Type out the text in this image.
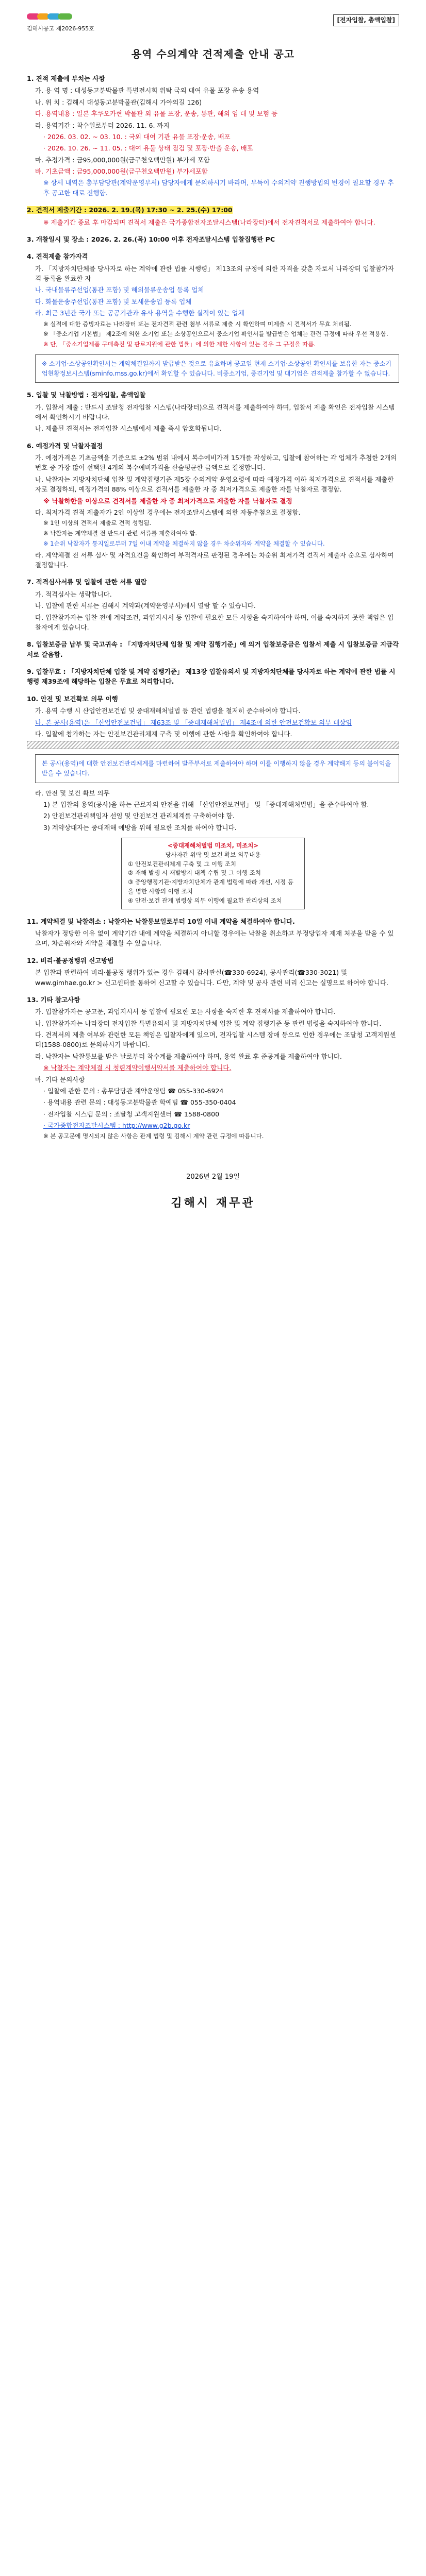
김해시공고 제2026-955호
[전자입찰, 총액입찰]
용역 수의계약 견적제출 안내 공고
1. 견적 제출에 부치는 사항
가. 용 역 명 : 대성동고분박물관 특별전시회 위탁 국외 대여 유물 포장 운송 용역
나. 위 치 : 김해시 대성동고분박물관(김해시 가야의길 126)
다. 용역내용 : 일본 후쿠오카현 박물관 외 유물 포장, 운송, 통관, 해외 임 대 및 보험 등
라. 용역기간 : 착수일로부터 2026. 11. 6. 까지
· 2026. 03. 02. ~ 03. 10. : 국외 대여 기관 유물 포장·운송, 배포
· 2026. 10. 26. ~ 11. 05. : 대여 유물 상태 점검 및 포장·반출 운송, 배포
마. 추정가격 : 금95,000,000원(금구천오백만원) 부가세 포함
바. 기초금액 : 금95,000,000원(금구천오백만원) 부가세포함
※ 상세 내역은 총무담당관(계약운영부서) 담당자에게 문의하시기 바라며, 부득이 수의계약 진행방법의 변경이 필요할 경우 추후 공고한 대로 진행함.
2. 견적서 제출기간 : 2026. 2. 19.(목) 17:30 ~ 2. 25.(수) 17:00
※ 제출기간 종료 후 마감되며 견적서 제출은 국가종합전자조달시스템(나라장터)에서 전자견적서로 제출하여야 합니다.
3. 개찰일시 및 장소 : 2026. 2. 26.(목) 10:00 이후 전자조달시스템 입찰집행관 PC
4. 견적제출 참가자격
가. 「지방자치단체를 당사자로 하는 계약에 관한 법률 시행령」 제13조의 규정에 의한 자격을 갖춘 자로서 나라장터 입찰참가자격 등록을 완료한 자
나. 국내물류주선업(통관 포함) 및 해외물류운송업 등록 업체
다. 화물운송주선업(통관 포함) 및 보세운송업 등록 업체
라. 최근 3년간 국가 또는 공공기관과 유사 용역을 수행한 실적이 있는 업체
※ 실적에 대한 증빙자료는 나라장터 또는 전자견적 관련 첨부 서류로 제출 시 확인하며 미제출 시 견적서가 무효 처리됨.
※ 「중소기업 기본법」 제2조에 의한 소기업 또는 소상공인으로서 중소기업 확인서를 발급받은 업체는 관련 규정에 따라 우선 적용함.
※ 단, 「중소기업제품 구매촉진 및 판로지원에 관한 법률」에 의한 제한 사항이 있는 경우 그 규정을 따름.
※ 소기업·소상공인확인서는 계약체결일까지 발급받은 것으로 유효하며 공고일 현재 소기업·소상공인 확인서를 보유한 자는 중소기업현황정보시스템(sminfo.mss.go.kr)에서 확인할 수 있습니다. 비중소기업, 중견기업 및 대기업은 견적제출 참가할 수 없습니다.
5. 입찰 및 낙찰방법 : 전자입찰, 총액입찰
가. 입찰서 제출 : 반드시 조달청 전자입찰 시스템(나라장터)으로 견적서를 제출하여야 하며, 입찰서 제출 확인은 전자입찰 시스템에서 확인하시기 바랍니다.
나. 제출된 견적서는 전자입찰 시스템에서 제출 즉시 암호화됩니다.
6. 예정가격 및 낙찰자결정
가. 예정가격은 기초금액을 기준으로 ±2% 범위 내에서 복수예비가격 15개를 작성하고, 입찰에 참여하는 각 업체가 추첨한 2개의 번호 중 가장 많이 선택된 4개의 복수예비가격을 산술평균한 금액으로 결정합니다.
나. 낙찰자는 지방자치단체 입찰 및 계약집행기준 제5장 수의계약 운영요령에 따라 예정가격 이하 최저가격으로 견적서를 제출한 자로 결정하되, 예정가격의 88% 이상으로 견적서를 제출한 자 중 최저가격으로 제출한 자를 낙찰자로 결정함.
※ 낙찰하한율 이상으로 견적서를 제출한 자 중 최저가격으로 제출한 자를 낙찰자로 결정
다. 최저가격 견적 제출자가 2인 이상일 경우에는 전자조달시스템에 의한 자동추첨으로 결정함.
※ 1인 이상의 견적서 제출로 견적 성립됨.
※ 낙찰자는 계약체결 전 반드시 관련 서류를 제출하여야 함.
※ 1순위 낙찰자가 통지일로부터 7일 이내 계약을 체결하지 않을 경우 차순위자와 계약을 체결할 수 있습니다.
라. 계약체결 전 서류 심사 및 자격요건을 확인하여 부적격자로 판정된 경우에는 차순위 최저가격 견적서 제출자 순으로 심사하여 결정합니다.
7. 적격심사서류 및 입찰에 관한 서류 열람
가. 적격심사는 생략합니다.
나. 입찰에 관한 서류는 김해시 계약과(계약운영부서)에서 열람 할 수 있습니다.
다. 입찰참가자는 입찰 전에 계약조건, 과업지시서 등 입찰에 필요한 모든 사항을 숙지하여야 하며, 이를 숙지하지 못한 책임은 입찰자에게 있습니다.
8. 입찰보증금 납부 및 국고귀속 : 「지방자치단체 입찰 및 계약 집행기준」에 의거 입찰보증금은 입찰서 제출 시 입찰보증금 지급각서로 갈음함.
9. 입찰무효 : 「지방자치단체 입찰 및 계약 집행기준」 제13장 입찰유의서 및 지방자치단체를 당사자로 하는 계약에 관한 법률 시행령 제39조에 해당하는 입찰은 무효로 처리합니다.
10. 안전 및 보건확보 의무 이행
가. 용역 수행 시 산업안전보건법 및 중대재해처벌법 등 관련 법령을 철저히 준수하여야 합니다.
나. 본 공사(용역)은 「산업안전보건법」 제63조 및 「중대재해처벌법」 제4조에 의한 안전보건확보 의무 대상임
다. 입찰에 참가하는 자는 안전보건관리체계 구축 및 이행에 관한 사항을 확인하여야 합니다.
본 공사(용역)에 대한 안전보건관리체계를 마련하여 발주부서로 제출하여야 하며 이를 이행하지 않을 경우 계약해지 등의 불이익을 받을 수 있습니다.
라. 안전 및 보건 확보 의무
1) 본 입찰의 용역(공사)을 하는 근로자의 안전을 위해 「산업안전보건법」 및 「중대재해처벌법」을 준수하여야 함.
2) 안전보건관리책임자 선임 및 안전보건 관리체계를 구축하여야 함.
3) 계약상대자는 중대재해 예방을 위해 필요한 조치를 하여야 합니다.
<중대재해처벌법 미조치, 미조치>
당사자간 위탁 및 보건 확보 의무내용
① 안전보건관리체계 구축 및 그 이행 조치
② 재해 발생 시 재발방지 대책 수립 및 그 이행 조치
③ 중앙행정기관·지방자치단체가 관계 법령에 따라 개선, 시정 등을 명한 사항의 이행 조치
④ 안전·보건 관계 법령상 의무 이행에 필요한 관리상의 조치
11. 계약체결 및 낙찰취소 : 낙찰자는 낙찰통보일로부터 10일 이내 계약을 체결하여야 합니다.
낙찰자가 정당한 이유 없이 계약기간 내에 계약을 체결하지 아니할 경우에는 낙찰을 취소하고 부정당업자 제재 처분을 받을 수 있으며, 차순위자와 계약을 체결할 수 있습니다.
12. 비리·불공정행위 신고방법
본 입찰과 관련하여 비리·불공정 행위가 있는 경우 김해시 감사관실(☎330-6924), 공사관리(☎330-3021) 및 www.gimhae.go.kr > 신고센터를 통하여 신고할 수 있습니다. 다만, 계약 및 공사 관련 비리 신고는 실명으로 하여야 합니다.
13. 기타 참고사항
가. 입찰참가자는 공고문, 과업지시서 등 입찰에 필요한 모든 사항을 숙지한 후 견적서를 제출하여야 합니다.
나. 입찰참가자는 나라장터 전자입찰 특별유의서 및 지방자치단체 입찰 및 계약 집행기준 등 관련 법령을 숙지하여야 합니다.
다. 견적서의 제출 여부와 관련한 모든 책임은 입찰자에게 있으며, 전자입찰 시스템 장애 등으로 인한 경우에는 조달청 고객지원센터(1588-0800)로 문의하시기 바랍니다.
라. 낙찰자는 낙찰통보를 받은 날로부터 착수계를 제출하여야 하며, 용역 완료 후 준공계를 제출하여야 합니다.
※ 낙찰자는 계약체결 시 청렴계약이행서약서를 제출하여야 합니다.
마. 기타 문의사항
· 입찰에 관한 문의 : 총무담당관 계약운영팀 ☎ 055-330-6924
· 용역내용 관련 문의 : 대성동고분박물관 학예팀 ☎ 055-350-0404
· 전자입찰 시스템 문의 : 조달청 고객지원센터 ☎ 1588-0800
· 국가종합전자조달시스템 : http://www.g2b.go.kr
※ 본 공고문에 명시되지 않은 사항은 관계 법령 및 김해시 계약 관련 규정에 따릅니다.
2026년 2월 19일
김해시 재무관
